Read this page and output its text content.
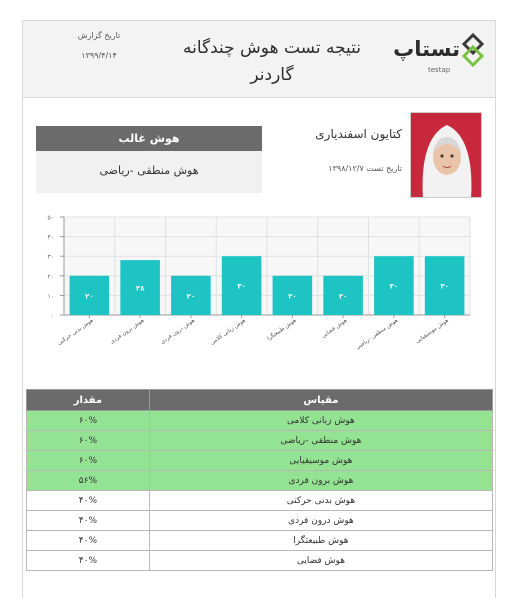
تستاپ
testap
نتیجه تست هوش چندگانه گاردنر
تاریخ گزارش
۱۳۹۹/۴/۱۴
کتایون اسفندیاری
تاریخ تست ۱۳۹۸/۱۲/۷
هوش غالب
هوش منطقی -ریاضی
۰
۱۰
۲۰
۳۰
۴۰
۵۰
۲۰
هوش بدنی حرکتی
۲۸
هوش برون فردی
۲۰
هوش درون فردی
۳۰
هوش زبانی کلامی
۲۰
هوش طبیعتگرا
۲۰
هوش فضایی
۳۰
هوش منطقی -ریاضی
۳۰
هوش موسیقیایی
مقیاس	مقدار
هوش زبانی کلامی	۶۰%
هوش منطقی -ریاضی	۶۰%
هوش موسیقیایی	۶۰%
هوش برون فردی	۵۶%
هوش بدنی حرکتی	۴۰%
هوش درون فردی	۴۰%
هوش طبیعتگرا	۴۰%
هوش فضایی	۴۰%
